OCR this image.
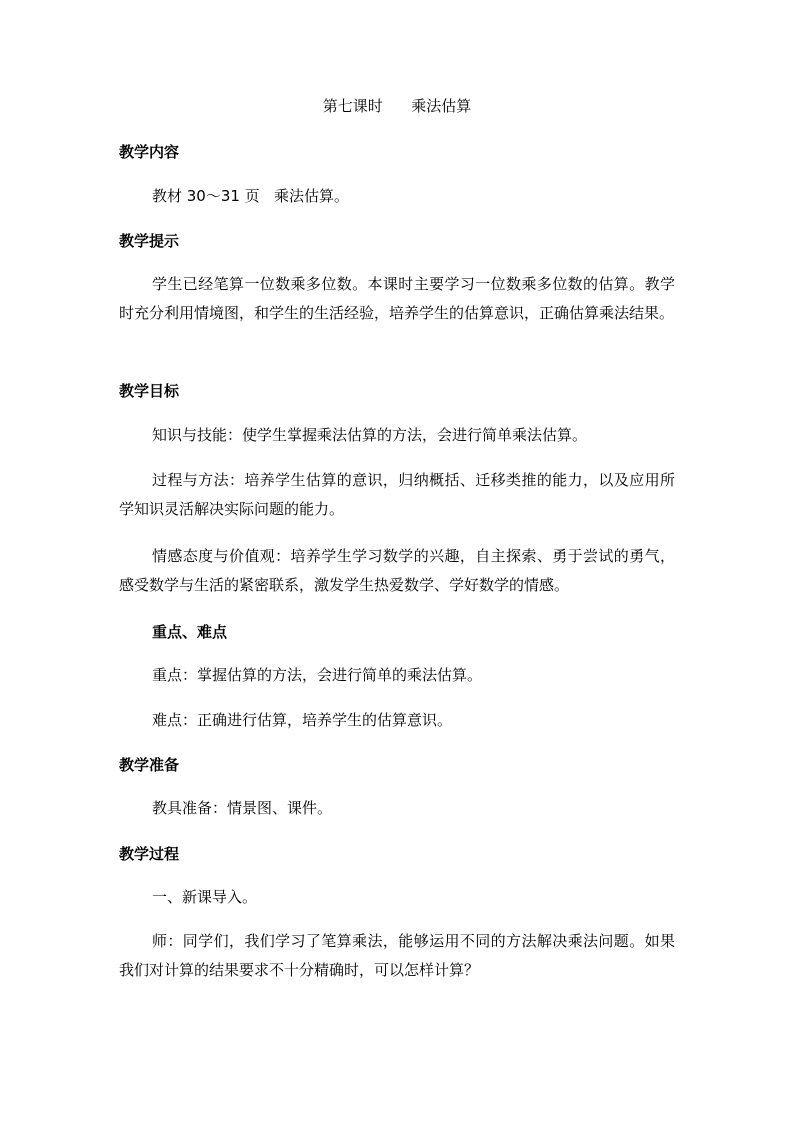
第七课时      乘法估算
教学内容
教材 30～31 页   乘法估算。
教学提示
学生已经笔算一位数乘多位数。本课时主要学习一位数乘多位数的估算。教学时充分利用情境图，和学生的生活经验，培养学生的估算意识，正确估算乘法结果。
教学目标
知识与技能：使学生掌握乘法估算的方法，会进行简单乘法估算。
过程与方法：培养学生估算的意识，归纳概括、迁移类推的能力，以及应用所学知识灵活解决实际问题的能力。
情感态度与价值观：培养学生学习数学的兴趣，自主探索、勇于尝试的勇气，感受数学与生活的紧密联系，激发学生热爱数学、学好数学的情感。
重点、难点
重点：掌握估算的方法，会进行简单的乘法估算。
难点：正确进行估算，培养学生的估算意识。
教学准备
教具准备：情景图、课件。
教学过程
一、新课导入。
师：同学们，我们学习了笔算乘法，能够运用不同的方法解决乘法问题。如果我们对计算的结果要求不十分精确时，可以怎样计算？
